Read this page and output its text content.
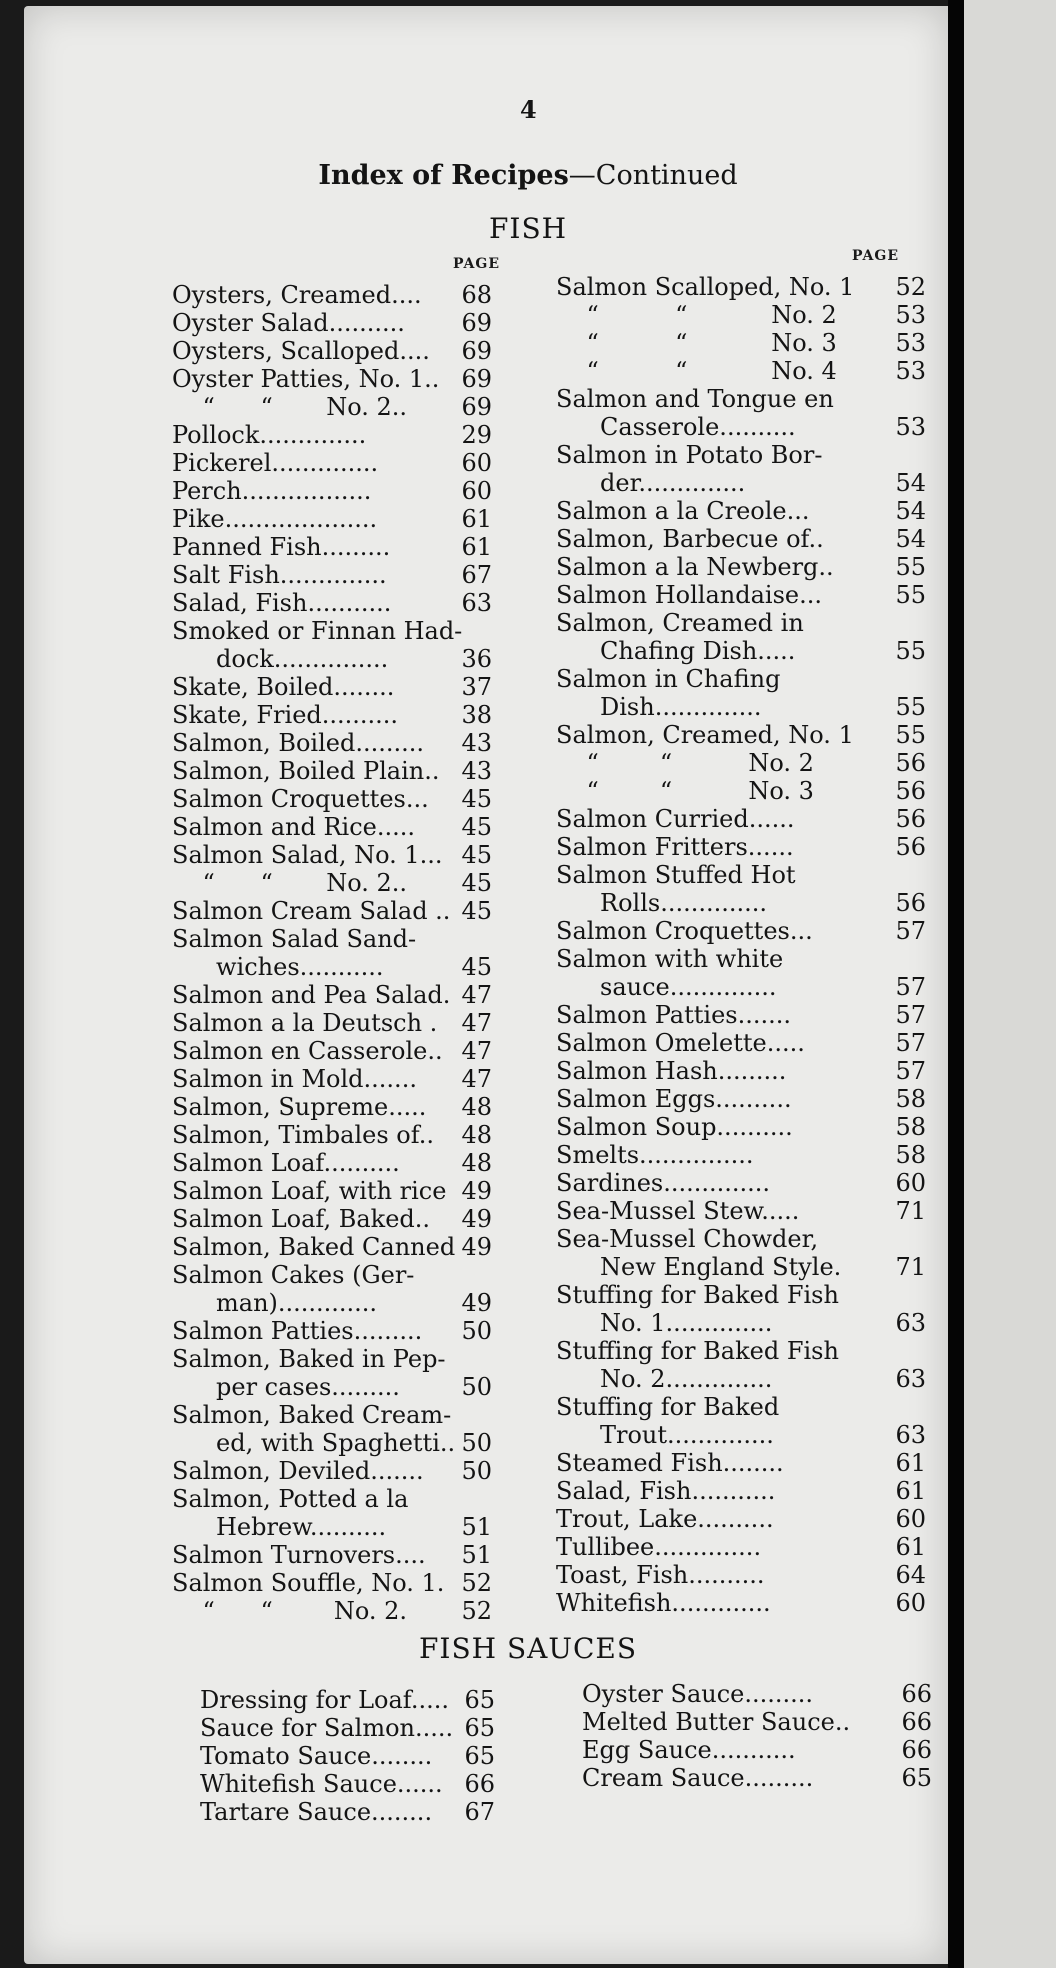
4
Index of Recipes—Continued
FISH
PAGE	PAGE
Oysters, Creamed.... 68
Oyster Salad.......... 69
Oysters, Scalloped.... 69
Oyster Patties, No. 1.. 69
“      “       No. 2.. 69
Pollock..............	29
Pickerel..............	60
Perch.................	60
Pike....................	61
Panned Fish.........	61
Salt Fish..............	67
Salad, Fish...........	63
Smoked or Finnan Had-
dock...............	36
Skate, Boiled........	37
Skate, Fried..........	38
Salmon, Boiled......... 43
Salmon, Boiled Plain.. 43
Salmon Croquettes... 45
Salmon and Rice..... 45
Salmon Salad, No. 1... 45
“      “       No. 2.. 45
Salmon Cream Salad .. 45
Salmon Salad Sand-
wiches...........	45
Salmon and Pea Salad. 47
Salmon a la Deutsch . 47
Salmon en Casserole.. 47
Salmon in Mold....... 47
Salmon, Supreme..... 48
Salmon, Timbales of.. 48
Salmon Loaf..........	48
Salmon Loaf, with rice 49
Salmon Loaf, Baked.. 49
Salmon, Baked Canned 49
Salmon Cakes (Ger-
man).............	49
Salmon Patties......... 50
Salmon, Baked in Pep-
per cases.........	50
Salmon, Baked Cream-
ed, with Spaghetti.. 50
Salmon, Deviled....... 50
Salmon, Potted a la
Hebrew..........	51
Salmon Turnovers.... 51
Salmon Souffle, No. 1. 52
“      “        No. 2. 52
Salmon Scalloped, No. 1 52
“          “           No. 2 53
“          “           No. 3 53
“          “           No. 4 53
Salmon and Tongue en
Casserole..........	53
Salmon in Potato Bor-
der..............	54
Salmon a la Creole...	54
Salmon, Barbecue of..	54
Salmon a la Newberg..	55
Salmon Hollandaise...	55
Salmon, Creamed in
Chafing Dish.....	55
Salmon in Chafing
Dish..............	55
Salmon, Creamed, No. 1 55
“        “          No. 2	56
“        “          No. 3	56
Salmon Curried......	56
Salmon Fritters......	56
Salmon Stuffed Hot
Rolls..............	56
Salmon Croquettes...	57
Salmon with white
sauce..............	57
Salmon Patties.......	57
Salmon Omelette.....	57
Salmon Hash.........	57
Salmon Eggs..........	58
Salmon Soup..........	58
Smelts...............	58
Sardines..............	60
Sea-Mussel Stew.....	71
Sea-Mussel Chowder,
New England Style.	71
Stuffing for Baked Fish
No. 1..............	63
Stuffing for Baked Fish
No. 2..............	63
Stuffing for Baked
Trout..............	63
Steamed Fish........	61
Salad, Fish...........	61
Trout, Lake..........	60
Tullibee..............	61
Toast, Fish..........	64
Whitefish.............	60
FISH SAUCES
Dressing for Loaf..... 65
Sauce for Salmon..... 65
Tomato Sauce........ 65
Whitefish Sauce...... 66
Tartare Sauce........ 67
Oyster Sauce.........	66
Melted Butter Sauce.. 66
Egg Sauce...........	66
Cream Sauce.........	65
